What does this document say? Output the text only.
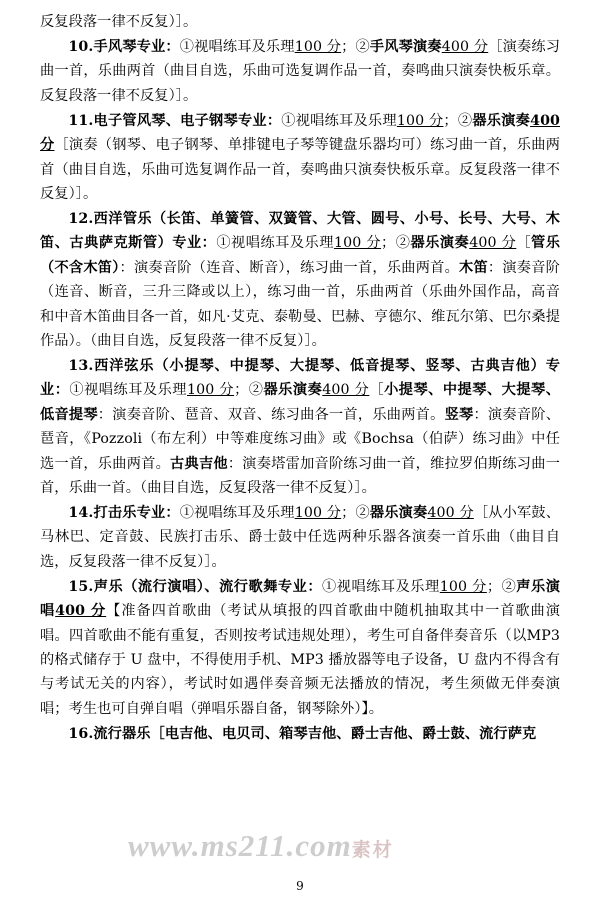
反复段落一律不反复）］。
10.手风琴专业：①视唱练耳及乐理100 分；②手风琴演奏400 分［演奏练习曲一首，乐曲两首（曲目自选，乐曲可选复调作品一首，奏鸣曲只演奏快板乐章。反复段落一律不反复）］。
11.电子管风琴、电子钢琴专业：①视唱练耳及乐理100 分；②器乐演奏400 分［演奏（钢琴、电子钢琴、单排键电子琴等键盘乐器均可）练习曲一首，乐曲两首（曲目自选，乐曲可选复调作品一首，奏鸣曲只演奏快板乐章。反复段落一律不反复）］。
12.西洋管乐（长笛、单簧管、双簧管、大管、圆号、小号、长号、大号、木笛、古典萨克斯管）专业：①视唱练耳及乐理100 分；②器乐演奏400 分［管乐（不含木笛）：演奏音阶（连音、断音），练习曲一首，乐曲两首。木笛：演奏音阶（连音、断音，三升三降或以上），练习曲一首，乐曲两首（乐曲外国作品，高音和中音木笛曲目各一首，如凡·艾克、泰勒曼、巴赫、亨德尔、维瓦尔第、巴尔桑提作品）。（曲目自选，反复段落一律不反复）］。
13.西洋弦乐（小提琴、中提琴、大提琴、低音提琴、竖琴、古典吉他）专业：①视唱练耳及乐理100 分；②器乐演奏400 分［小提琴、中提琴、大提琴、低音提琴：演奏音阶、琶音、双音、练习曲各一首，乐曲两首。竖琴：演奏音阶、琶音，《Pozzoli（布左利）中等难度练习曲》或《Bochsa（伯萨）练习曲》中任选一首，乐曲两首。古典吉他：演奏塔雷加音阶练习曲一首，维拉罗伯斯练习曲一首，乐曲一首。（曲目自选，反复段落一律不反复）］。
14.打击乐专业：①视唱练耳及乐理100 分；②器乐演奏400 分［从小军鼓、马林巴、定音鼓、民族打击乐、爵士鼓中任选两种乐器各演奏一首乐曲（曲目自选，反复段落一律不反复）］。
15.声乐（流行演唱）、流行歌舞专业：①视唱练耳及乐理100 分；②声乐演唱400 分【准备四首歌曲（考试从填报的四首歌曲中随机抽取其中一首歌曲演唱。四首歌曲不能有重复，否则按考试违规处理），考生可自备伴奏音乐（以MP3 的格式储存于 U 盘中，不得使用手机、MP3 播放器等电子设备，U 盘内不得含有与考试无关的内容），考试时如遇伴奏音频无法播放的情况，考生须做无伴奏演唱；考生也可自弹自唱（弹唱乐器自备，钢琴除外）】。
16.流行器乐［电吉他、电贝司、箱琴吉他、爵士吉他、爵士鼓、流行萨克
9
www.ms211.com素材
